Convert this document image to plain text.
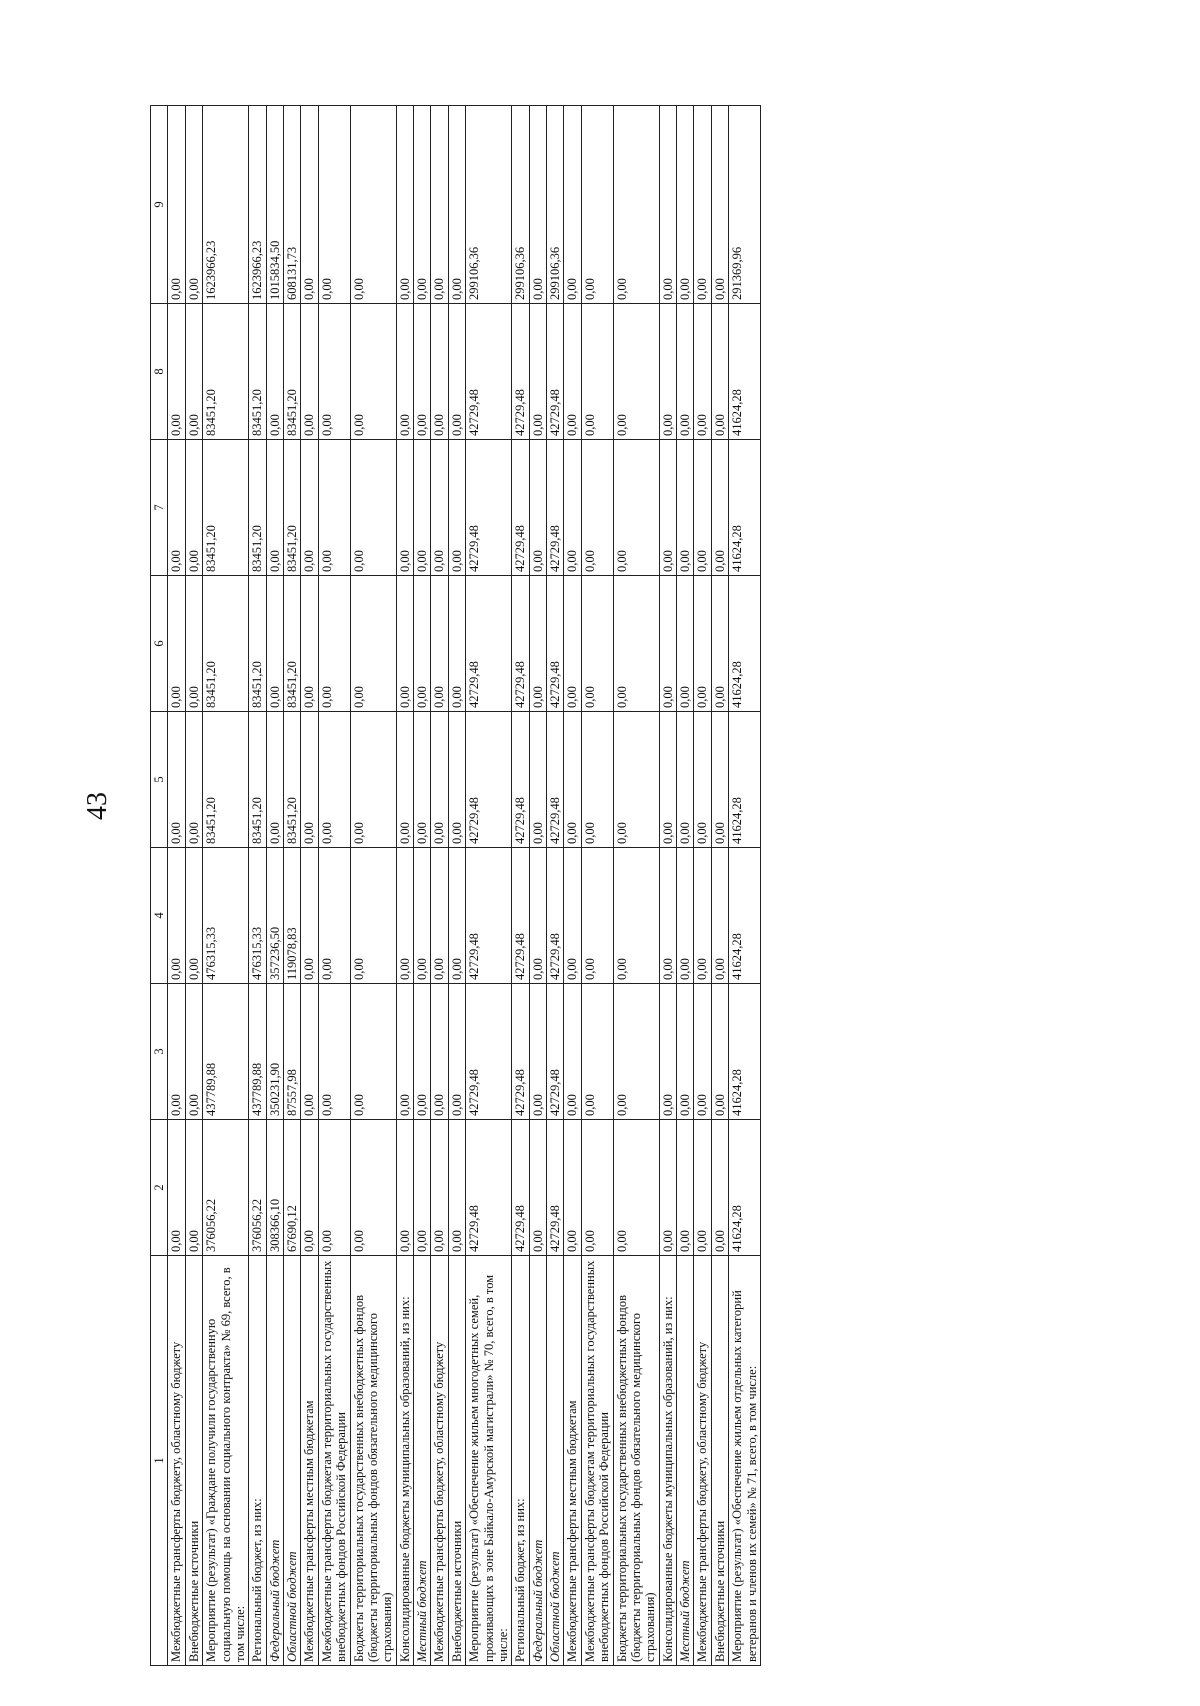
43
1	2	3	4	5	6	7	8	9
Межбюджетные трансферты бюджету, областному бюджету	0,00	0,00	0,00	0,00	0,00	0,00	0,00	0,00
Внебюджетные источники	0,00	0,00	0,00	0,00	0,00	0,00	0,00	0,00
Мероприятие (результат) «Граждане получили государственную социальную помощь на основании социального контракта» № 69, всего, в том числе:	376056,22	437789,88	476315,33	83451,20	83451,20	83451,20	83451,20	1623966,23
Региональный бюджет, из них:	376056,22	437789,88	476315,33	83451,20	83451,20	83451,20	83451,20	1623966,23
Федеральный бюджет	308366,10	350231,90	357236,50	0,00	0,00	0,00	0,00	1015834,50
Областной бюджет	67690,12	87557,98	119078,83	83451,20	83451,20	83451,20	83451,20	608131,73
Межбюджетные трансферты местным бюджетам	0,00	0,00	0,00	0,00	0,00	0,00	0,00	0,00
Межбюджетные трансферты бюджетам территориальных государственных внебюджетных фондов Российской Федерации	0,00	0,00	0,00	0,00	0,00	0,00	0,00	0,00
Бюджеты территориальных государственных внебюджетных фондов (бюджеты территориальных фондов обязательного медицинского страхования)	0,00	0,00	0,00	0,00	0,00	0,00	0,00	0,00
Консолидированные бюджеты муниципальных образований, из них:	0,00	0,00	0,00	0,00	0,00	0,00	0,00	0,00
Местный бюджет	0,00	0,00	0,00	0,00	0,00	0,00	0,00	0,00
Межбюджетные трансферты бюджету, областному бюджету	0,00	0,00	0,00	0,00	0,00	0,00	0,00	0,00
Внебюджетные источники	0,00	0,00	0,00	0,00	0,00	0,00	0,00	0,00
Мероприятие (результат) «Обеспечение жильем многодетных семей, проживающих в зоне Байкало-Амурской магистрали» № 70, всего, в том числе:	42729,48	42729,48	42729,48	42729,48	42729,48	42729,48	42729,48	299106,36
Региональный бюджет, из них:	42729,48	42729,48	42729,48	42729,48	42729,48	42729,48	42729,48	299106,36
Федеральный бюджет	0,00	0,00	0,00	0,00	0,00	0,00	0,00	0,00
Областной бюджет	42729,48	42729,48	42729,48	42729,48	42729,48	42729,48	42729,48	299106,36
Межбюджетные трансферты местным бюджетам	0,00	0,00	0,00	0,00	0,00	0,00	0,00	0,00
Межбюджетные трансферты бюджетам территориальных государственных внебюджетных фондов Российской Федерации	0,00	0,00	0,00	0,00	0,00	0,00	0,00	0,00
Бюджеты территориальных государственных внебюджетных фондов (бюджеты территориальных фондов обязательного медицинского страхования)	0,00	0,00	0,00	0,00	0,00	0,00	0,00	0,00
Консолидированные бюджеты муниципальных образований, из них:	0,00	0,00	0,00	0,00	0,00	0,00	0,00	0,00
Местный бюджет	0,00	0,00	0,00	0,00	0,00	0,00	0,00	0,00
Межбюджетные трансферты бюджету, областному бюджету	0,00	0,00	0,00	0,00	0,00	0,00	0,00	0,00
Внебюджетные источники	0,00	0,00	0,00	0,00	0,00	0,00	0,00	0,00
Мероприятие (результат) «Обеспечение жильем отдельных категорий ветеранов и членов их семей» № 71, всего, в том числе:	41624,28	41624,28	41624,28	41624,28	41624,28	41624,28	41624,28	291369,96
